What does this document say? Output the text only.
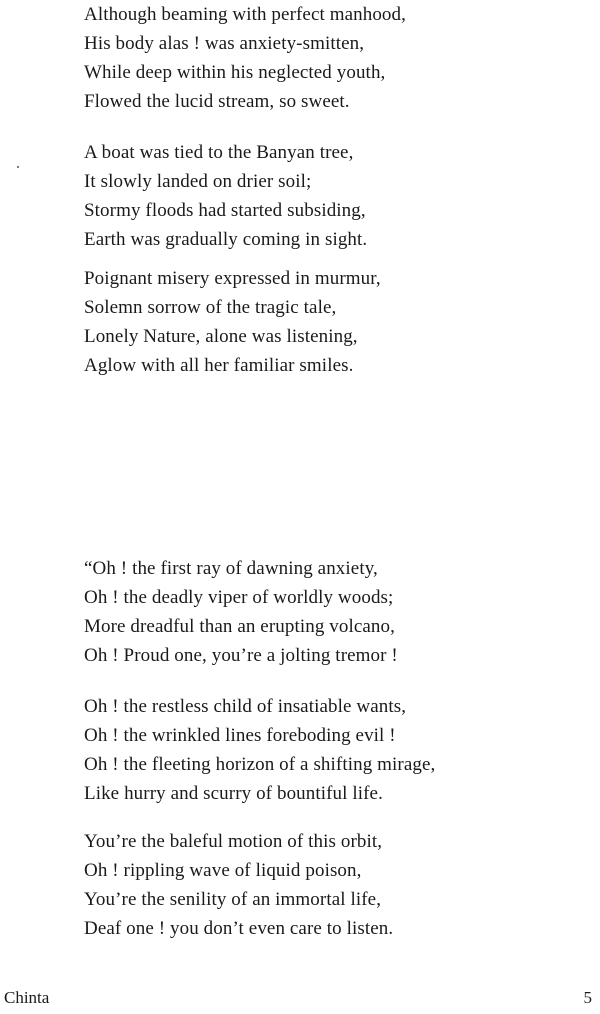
Although beaming with perfect manhood,
His body alas ! was anxiety-smitten,
While deep within his neglected youth,
Flowed the lucid stream, so sweet.
A boat was tied to the Banyan tree,
It slowly landed on drier soil;
Stormy floods had started subsiding,
Earth was gradually coming in sight.
Poignant misery expressed in murmur,
Solemn sorrow of the tragic tale,
Lonely Nature, alone was listening,
Aglow with all her familiar smiles.
“Oh ! the first ray of dawning anxiety,
Oh ! the deadly viper of worldly woods;
More dreadful than an erupting volcano,
Oh ! Proud one, you’re a jolting tremor !
Oh ! the restless child of insatiable wants,
Oh ! the wrinkled lines foreboding evil !
Oh ! the fleeting horizon of a shifting mirage,
Like hurry and scurry of bountiful life.
You’re the baleful motion of this orbit,
Oh ! rippling wave of liquid poison,
You’re the senility of an immortal life,
Deaf one ! you don’t even care to listen.
Chinta	5
